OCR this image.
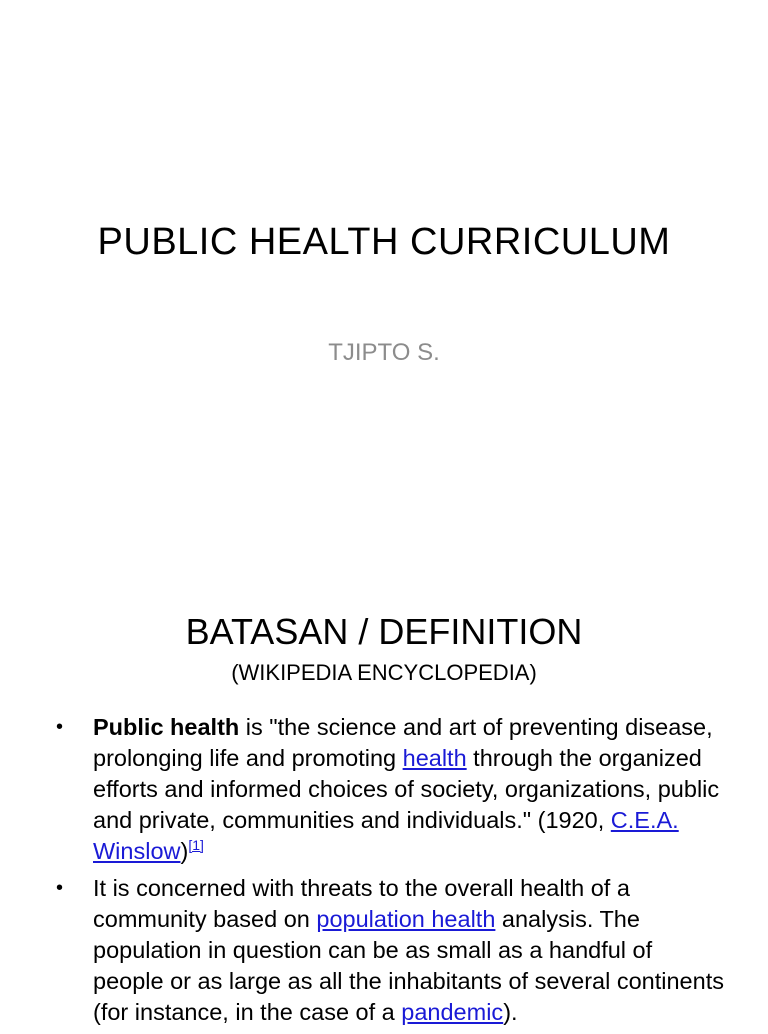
PUBLIC HEALTH CURRICULUM
TJIPTO S.
BATASAN / DEFINITION
(WIKIPEDIA ENCYCLOPEDIA)
•	Public health is "the science and art of preventing disease, prolonging life and promoting health through the organized efforts and informed choices of society, organizations, public and private, communities and individuals." (1920, C.E.A. Winslow)[1]
•	It is concerned with threats to the overall health of a community based on population health analysis. The population in question can be as small as a handful of people or as large as all the inhabitants of several continents (for instance, in the case of a pandemic).
